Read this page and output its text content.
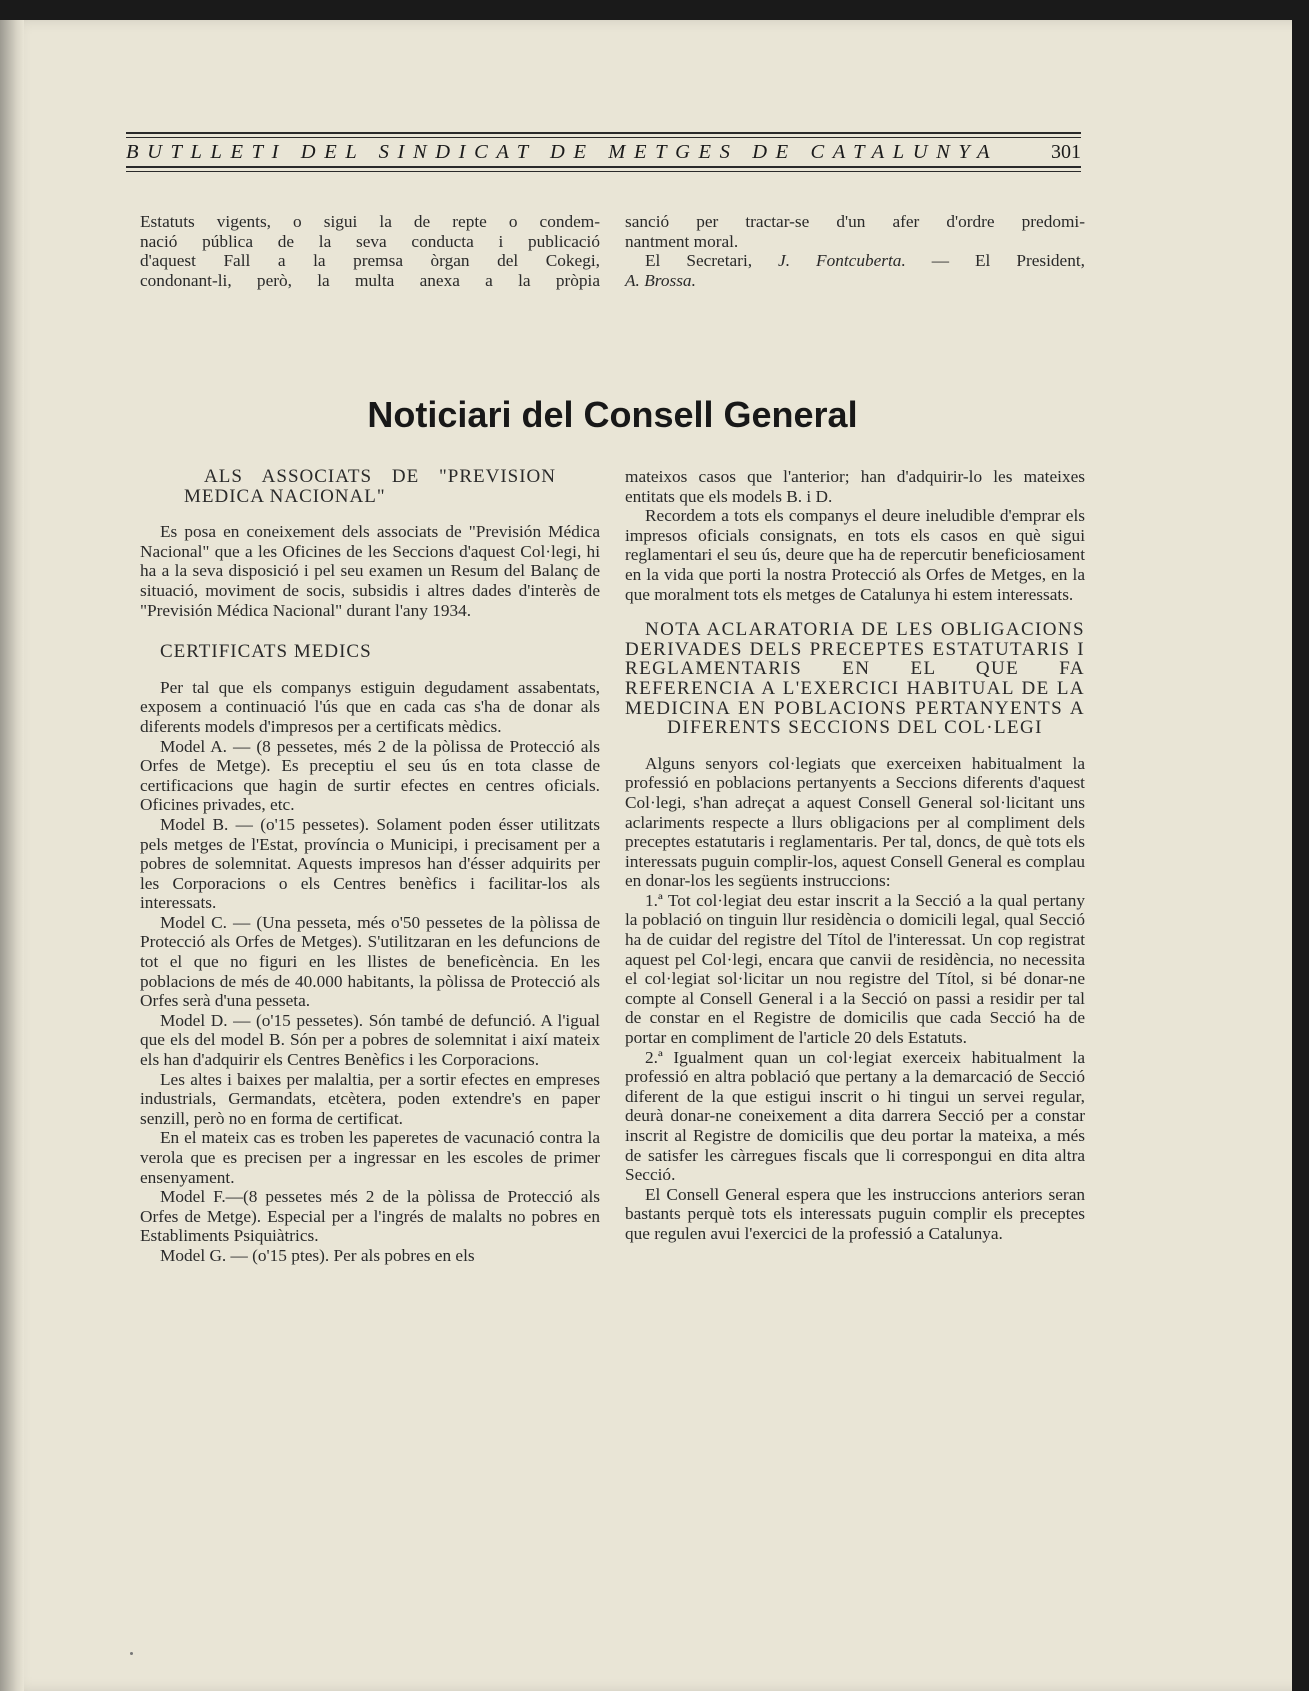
BUTLLETI DEL SINDICAT DE METGES DE CATALUNYA	301

Estatuts vigents, o sigui la de repte o condem-

nació pública de la seva conducta i publicació

d'aquest Fall a la premsa òrgan del Cokegi,

condonant-li, però, la multa anexa a la pròpia

sanció per tractar-se d'un afer d'ordre predomi-

nantment moral.

El Secretari, J. Fontcuberta. — El President,

A. Brossa.

Noticiari del Consell General

ALS ASSOCIATS DE "PREVISION MEDICA NACIONAL"

Es posa en coneixement dels associats de "Previsión Médica Nacional" que a les Oficines de les Seccions d'aquest Col·legi, hi ha a la seva disposició i pel seu examen un Resum del Balanç de situació, moviment de socis, subsidis i altres dades d'interès de "Previsión Médica Nacional" durant l'any 1934.

CERTIFICATS MEDICS

Per tal que els companys estiguin degudament assabentats, exposem a continuació l'ús que en cada cas s'ha de donar als diferents models d'impresos per a certificats mèdics.

Model A. — (8 pessetes, més 2 de la pòlissa de Protecció als Orfes de Metge). Es preceptiu el seu ús en tota classe de certificacions que hagin de surtir efectes en centres oficials. Oficines privades, etc.

Model B. — (o'15 pessetes). Solament poden ésser utilitzats pels metges de l'Estat, província o Municipi, i precisament per a pobres de solemnitat. Aquests impresos han d'ésser adquirits per les Corporacions o els Centres benèfics i facilitar-los als interessats.

Model C. — (Una pesseta, més o'50 pessetes de la pòlissa de Protecció als Orfes de Metges). S'utilitzaran en les defuncions de tot el que no figuri en les llistes de beneficència. En les poblacions de més de 40.000 habitants, la pòlissa de Protecció als Orfes serà d'una pesseta.

Model D. — (o'15 pessetes). Són també de defunció. A l'igual que els del model B. Són per a pobres de solemnitat i així mateix els han d'adquirir els Centres Benèfics i les Corporacions.

Les altes i baixes per malaltia, per a sortir efectes en empreses industrials, Germandats, etcètera, poden extendre's en paper senzill, però no en forma de certificat.

En el mateix cas es troben les paperetes de vacunació contra la verola que es precisen per a ingressar en les escoles de primer ensenyament.

Model F.—(8 pessetes més 2 de la pòlissa de Protecció als Orfes de Metge). Especial per a l'ingrés de malalts no pobres en Establiments Psiquiàtrics.

Model G. — (o'15 ptes). Per als pobres en els

mateixos casos que l'anterior; han d'adquirir-lo les mateixes entitats que els models B. i D.

Recordem a tots els companys el deure ineludible d'emprar els impresos oficials consignats, en tots els casos en què sigui reglamentari el seu ús, deure que ha de repercutir beneficiosament en la vida que porti la nostra Protecció als Orfes de Metges, en la que moralment tots els metges de Catalunya hi estem interessats.

NOTA ACLARATORIA DE LES OBLIGACIONS DERIVADES DELS PRECEPTES ESTATUTARIS I REGLAMENTARIS EN EL QUE FA REFERENCIA A L'EXERCICI HABITUAL DE LA MEDICINA EN POBLACIONS PERTANYENTS A DIFERENTS SECCIONS DEL COL·LEGI

Alguns senyors col·legiats que exerceixen habitualment la professió en poblacions pertanyents a Seccions diferents d'aquest Col·legi, s'han adreçat a aquest Consell General sol·licitant uns aclariments respecte a llurs obligacions per al compliment dels preceptes estatutaris i reglamentaris. Per tal, doncs, de què tots els interessats puguin complir-los, aquest Consell General es complau en donar-los les següents instruccions:

1.ª Tot col·legiat deu estar inscrit a la Secció a la qual pertany la població on tinguin llur residència o domicili legal, qual Secció ha de cuidar del registre del Títol de l'interessat. Un cop registrat aquest pel Col·legi, encara que canvii de residència, no necessita el col·legiat sol·licitar un nou registre del Títol, si bé donar-ne compte al Consell General i a la Secció on passi a residir per tal de constar en el Registre de domicilis que cada Secció ha de portar en compliment de l'article 20 dels Estatuts.

2.ª Igualment quan un col·legiat exerceix habitualment la professió en altra població que pertany a la demarcació de Secció diferent de la que estigui inscrit o hi tingui un servei regular, deurà donar-ne coneixement a dita darrera Secció per a constar inscrit al Registre de domicilis que deu portar la mateixa, a més de satisfer les càrregues fiscals que li correspongui en dita altra Secció.

El Consell General espera que les instruccions anteriors seran bastants perquè tots els interessats puguin complir els preceptes que regulen avui l'exercici de la professió a Catalunya.
